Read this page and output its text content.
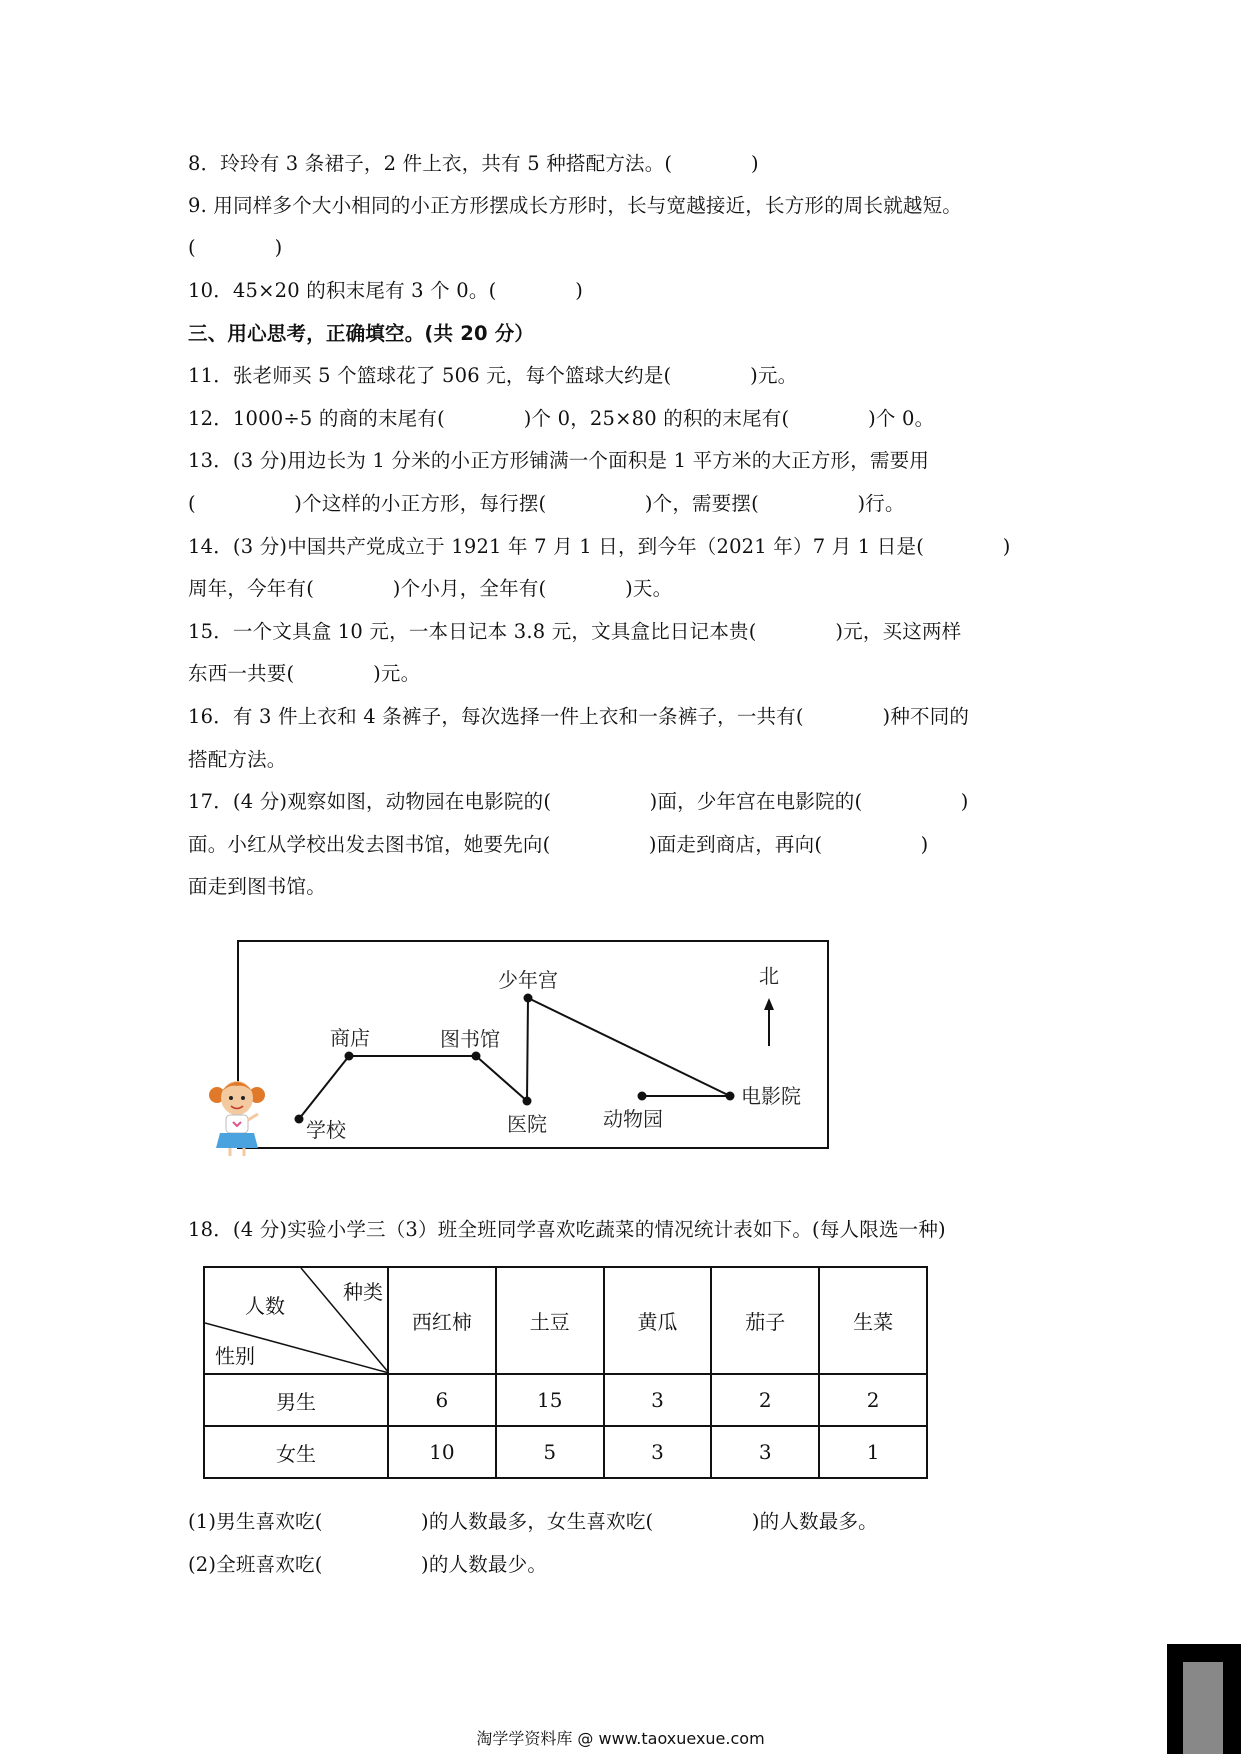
8．玲玲有 3 条裙子，2 件上衣，共有 5 种搭配方法。(　　　　)
9. 用同样多个大小相同的小正方形摆成长方形时，长与宽越接近，长方形的周长就越短。
(　　　　)
10．45×20 的积末尾有 3 个 0。(　　　　)
三、用心思考，正确填空。(共 20 分）
11．张老师买 5 个篮球花了 506 元，每个篮球大约是(　　　　)元。
12．1000÷5 的商的末尾有(　　　　)个 0，25×80 的积的末尾有(　　　　)个 0。
13．(3 分)用边长为 1 分米的小正方形铺满一个面积是 1 平方米的大正方形，需要用
(　　　　　)个这样的小正方形，每行摆(　　　　　)个，需要摆(　　　　　)行。
14．(3 分)中国共产党成立于 1921 年 7 月 1 日，到今年（2021 年）7 月 1 日是(　　　　)
周年，今年有(　　　　)个小月，全年有(　　　　)天。
15．一个文具盒 10 元，一本日记本 3.8 元，文具盒比日记本贵(　　　　)元，买这两样
东西一共要(　　　　)元。
16．有 3 件上衣和 4 条裤子，每次选择一件上衣和一条裤子，一共有(　　　　)种不同的
搭配方法。
17．(4 分)观察如图，动物园在电影院的(　　　　　)面，少年宫在电影院的(　　　　　)
面。小红从学校出发去图书馆，她要先向(　　　　　)面走到商店，再向(　　　　　)
面走到图书馆。
学校
商店	图书馆
少年宫
医院	动物园
电影院
北
18．(4 分)实验小学三（3）班全班同学喜欢吃蔬菜的情况统计表如下。(每人限选一种)
种类
人数
性别	西红柿	土豆	黄瓜	茄子	生菜
男生	6	15	3	2	2
女生	10	5	3	3	1
(1)男生喜欢吃(　　　　　)的人数最多，女生喜欢吃(　　　　　)的人数最多。
(2)全班喜欢吃(　　　　　)的人数最少。
淘学学资料库 @ www.taoxuexue.com
